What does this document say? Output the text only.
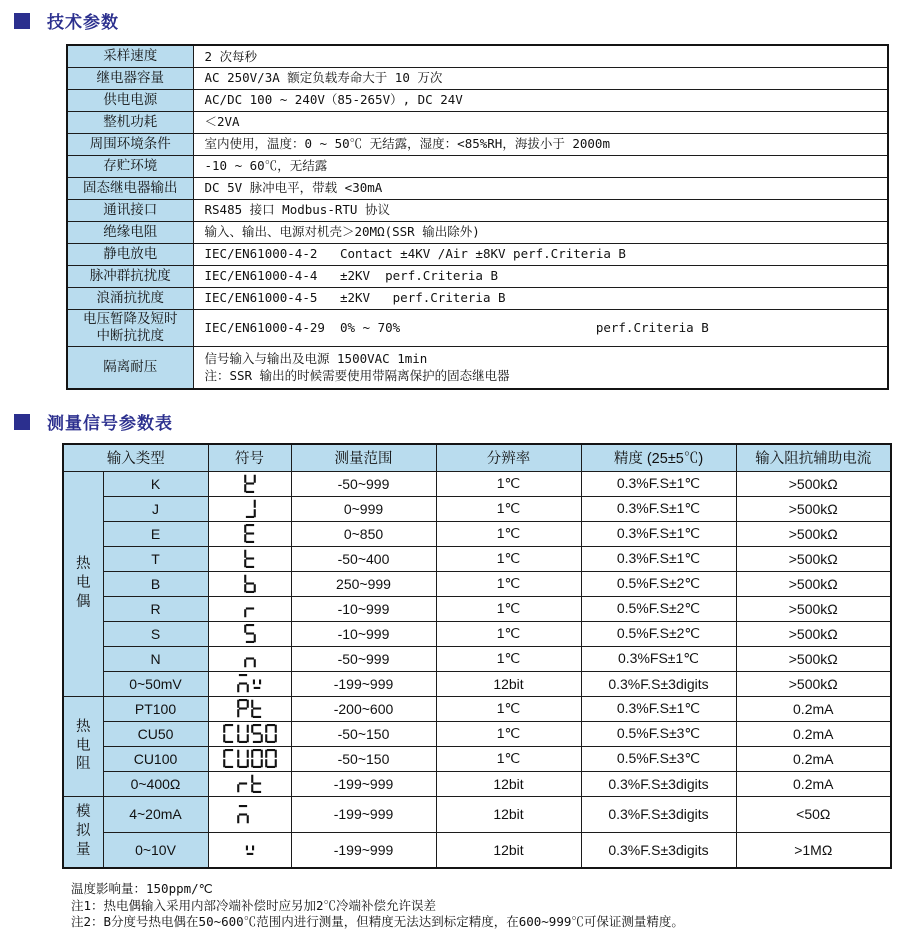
技术参数
采样速度	2 次每秒

继电器容量	AC 250V/3A 额定负载寿命大于 10 万次

供电电源	AC/DC 100 ~ 240V（85-265V）, DC 24V

整机功耗	＜2VA

周围环境条件	室内使用，温度：0 ~ 50℃ 无结露，湿度：<85%RH，海拔小于 2000m

存贮环境	-10 ~ 60℃，无结露

固态继电器输出	DC 5V 脉冲电平，带载 <30mA

通讯接口	RS485 接口 Modbus-RTU 协议

绝缘电阻	输入、输出、电源对机壳＞20MΩ(SSR 输出除外)

静电放电	IEC/EN61000-4-2   Contact ±4KV /Air ±8KV perf.Criteria B

脉冲群抗扰度	IEC/EN61000-4-4   ±2KV  perf.Criteria B

浪涌抗扰度	IEC/EN61000-4-5   ±2KV   perf.Criteria B

电压暂降及短时
中断抗扰度	IEC/EN61000-4-29  0% ~ 70%                          perf.Criteria B

隔离耐压	信号输入与输出及电源 1500VAC 1min
注：SSR 输出的时候需要使用带隔离保护的固态继电器
测量信号参数表
输入类型		符号	测量范围	分辨率	精度 (25±5℃)	输入阻抗辅助电流
热电偶	K		-50~999	1℃	0.3%F.S±1℃	>500kΩ
	J		0~999	1℃	0.3%F.S±1℃	>500kΩ
	E		0~850	1℃	0.3%F.S±1℃	>500kΩ
	T		-50~400	1℃	0.3%F.S±1℃	>500kΩ
	B		250~999	1℃	0.5%F.S±2℃	>500kΩ
	R		-10~999	1℃	0.5%F.S±2℃	>500kΩ
	S		-10~999	1℃	0.5%F.S±2℃	>500kΩ
	N		-50~999	1℃	0.3%FS±1℃	>500kΩ
	0~50mV		-199~999	12bit	0.3%F.S±3digits	>500kΩ
热电阻	PT100		-200~600	1℃	0.3%F.S±1℃	0.2mA
	CU50		-50~150	1℃	0.5%F.S±3℃	0.2mA
	CU100		-50~150	1℃	0.5%F.S±3℃	0.2mA
	0~400Ω		-199~999	12bit	0.3%F.S±3digits	0.2mA
模拟量	4~20mA		-199~999	12bit	0.3%F.S±3digits	<50Ω
	0~10V		-199~999	12bit	0.3%F.S±3digits	>1MΩ
温度影响量：150ppm/℃
注1：热电偶输入采用内部冷端补偿时应另加2℃冷端补偿允许误差
注2：B分度号热电偶在50~600℃范围内进行测量，但精度无法达到标定精度，在600~999℃可保证测量精度。
